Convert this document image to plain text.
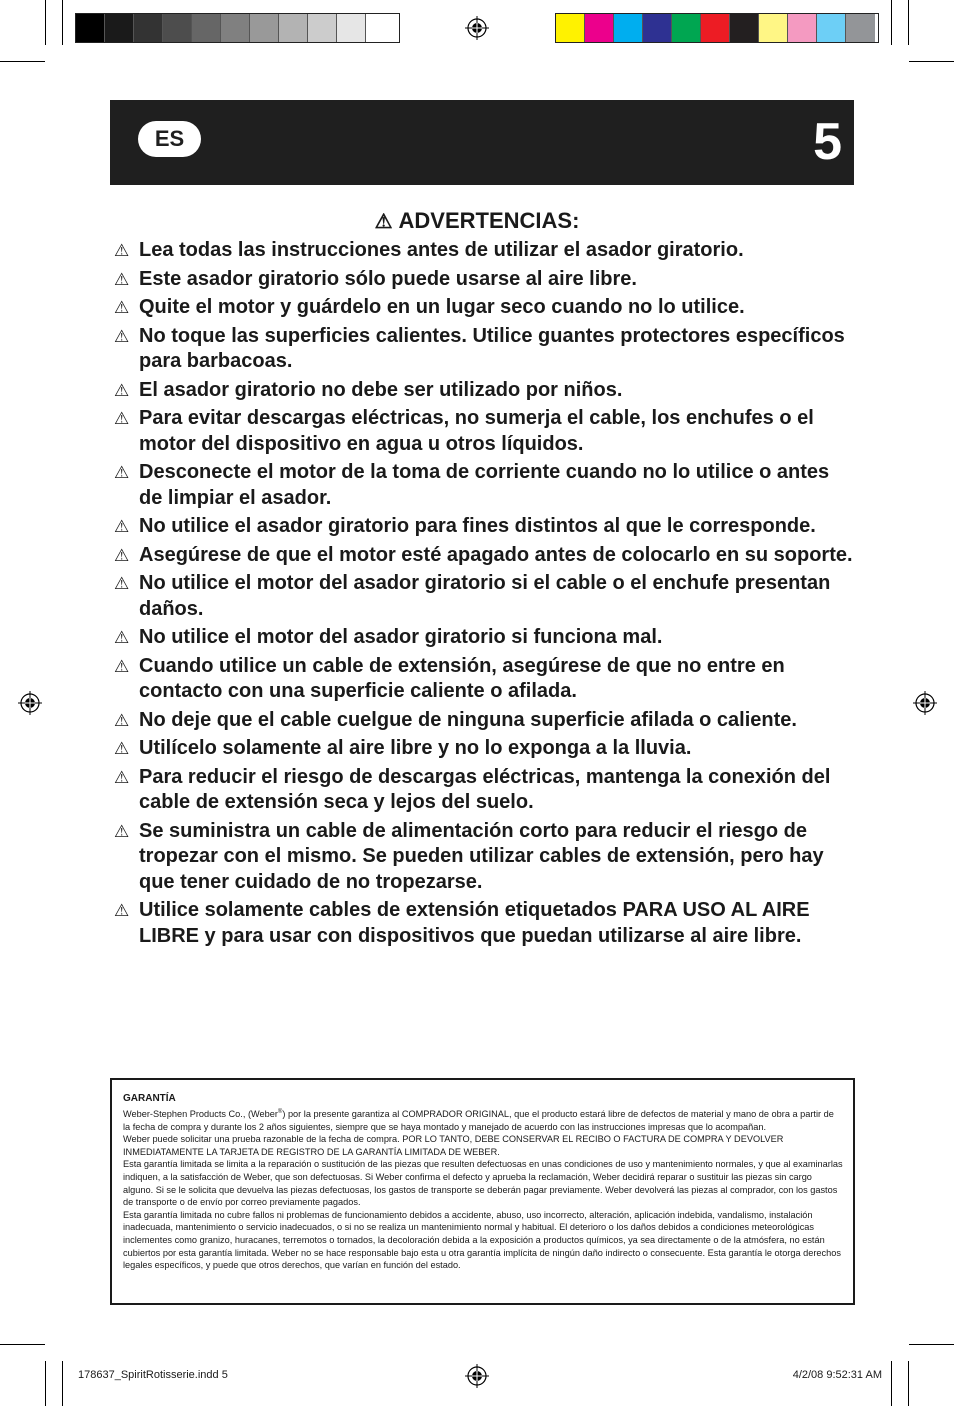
ES	5
⚠ ADVERTENCIAS:
⚠ Lea todas las instrucciones antes de utilizar el asador giratorio.
⚠ Este asador giratorio sólo puede usarse al aire libre.
⚠ Quite el motor y guárdelo en un lugar seco cuando no lo utilice.
⚠ No toque las superficies calientes. Utilice guantes protectores específicos para barbacoas.
⚠ El asador giratorio no debe ser utilizado por niños.
⚠ Para evitar descargas eléctricas, no sumerja el cable, los enchufes o el motor del dispositivo en agua u otros líquidos.
⚠ Desconecte el motor de la toma de corriente cuando no lo utilice o antes de limpiar el asador.
⚠ No utilice el asador giratorio para fines distintos al que le corresponde.
⚠ Asegúrese de que el motor esté apagado antes de colocarlo en su soporte.
⚠ No utilice el motor del asador giratorio si el cable o el enchufe presentan daños.
⚠ No utilice el motor del asador giratorio si funciona mal.
⚠ Cuando utilice un cable de extensión, asegúrese de que no entre en contacto con una superficie caliente o afilada.
⚠ No deje que el cable cuelgue de ninguna superficie afilada o caliente.
⚠ Utilícelo solamente al aire libre y no lo exponga a la lluvia.
⚠ Para reducir el riesgo de descargas eléctricas, mantenga la conexión del cable de extensión seca y lejos del suelo.
⚠ Se suministra un cable de alimentación corto para reducir el riesgo de tropezar con el mismo. Se pueden utilizar cables de extensión, pero hay que tener cuidado de no tropezarse.
⚠ Utilice solamente cables de extensión etiquetados PARA USO AL AIRE LIBRE y para usar con dispositivos que puedan utilizarse al aire libre.
GARANTÍA

Weber-Stephen Products Co., (Weber®) por la presente garantiza al COMPRADOR ORIGINAL, que el producto estará libre de defectos de material y mano de obra a partir de la fecha de compra y durante los 2 años siguientes, siempre que se haya montado y manejado de acuerdo con las instrucciones impresas que lo acompañan.

Weber puede solicitar una prueba razonable de la fecha de compra. POR LO TANTO, DEBE CONSERVAR EL RECIBO O FACTURA DE COMPRA Y DEVOLVER INMEDIATAMENTE LA TARJETA DE REGISTRO DE LA GARANTÍA LIMITADA DE WEBER.

Esta garantía limitada se limita a la reparación o sustitución de las piezas que resulten defectuosas en unas condiciones de uso y mantenimiento normales, y que al examinarlas indiquen, a la satisfacción de Weber, que son defectuosas. Si Weber confirma el defecto y aprueba la reclamación, Weber decidirá reparar o sustituir las piezas sin cargo alguno. Si se le solicita que devuelva las piezas defectuosas, los gastos de transporte se deberán pagar previamente. Weber devolverá las piezas al comprador, con los gastos de transporte o de envío por correo previamente pagados.

Esta garantía limitada no cubre fallos ni problemas de funcionamiento debidos a accidente, abuso, uso incorrecto, alteración, aplicación indebida, vandalismo, instalación inadecuada, mantenimiento o servicio inadecuados, o si no se realiza un mantenimiento normal y habitual. El deterioro o los daños debidos a condiciones meteorológicas inclementes como granizo, huracanes, terremotos o tornados, la decoloración debida a la exposición a productos químicos, ya sea directamente o de la atmósfera, no están cubiertos por esta garantía limitada. Weber no se hace responsable bajo esta u otra garantía implícita de ningún daño indirecto o consecuente. Esta garantía le otorga derechos legales específicos, y puede que otros derechos, que varían en función del estado.

178637_SpiritRotisserie.indd 5	4/2/08 9:52:31 AM
